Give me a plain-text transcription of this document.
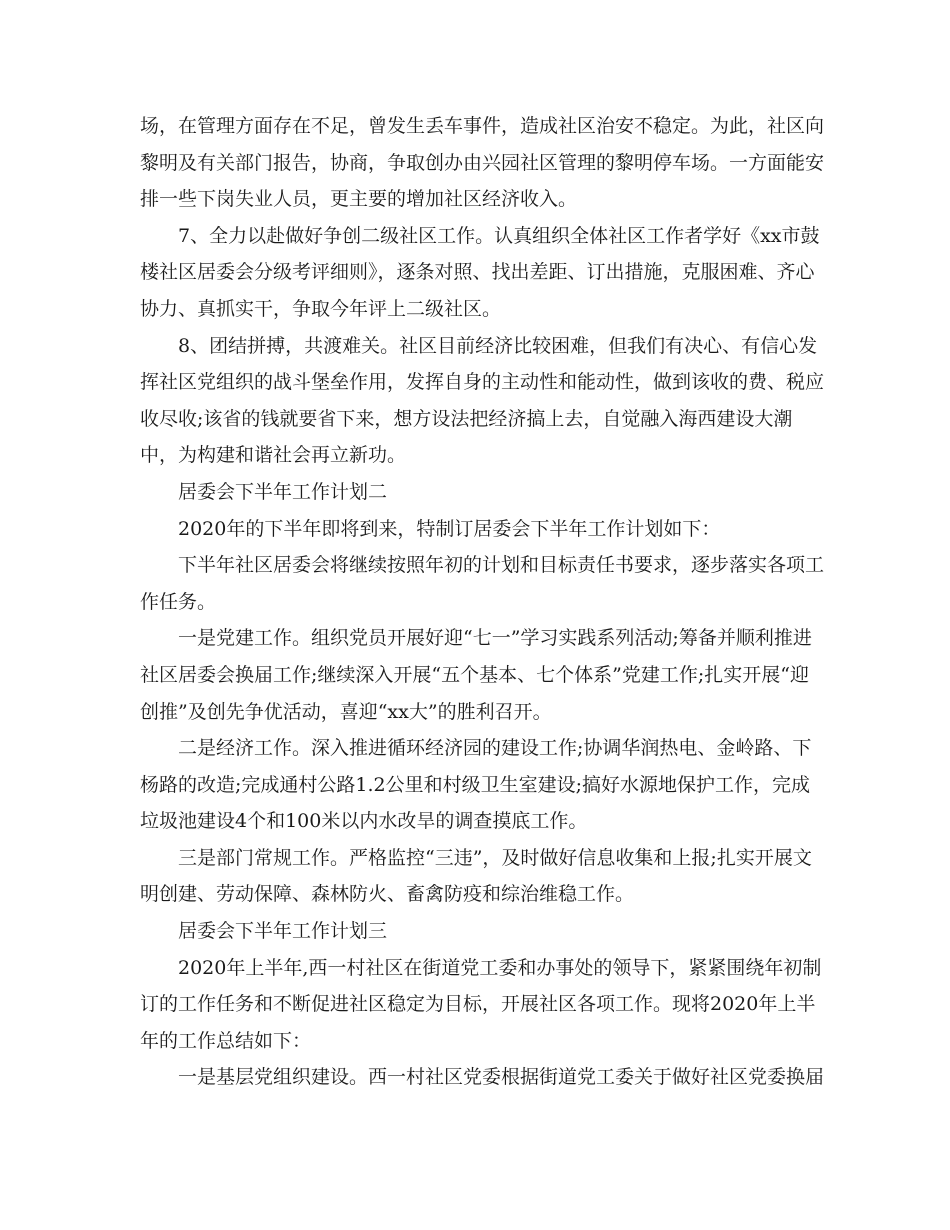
场，在管理方面存在不足，曾发生丢车事件，造成社区治安不稳定。为此，社区向
黎明及有关部门报告，协商，争取创办由兴园社区管理的黎明停车场。一方面能安
排一些下岗失业人员，更主要的增加社区经济收入。
7、全力以赴做好争创二级社区工作。认真组织全体社区工作者学好《xx市鼓
楼社区居委会分级考评细则》，逐条对照、找出差距、订出措施，克服困难、齐心
协力、真抓实干，争取今年评上二级社区。
8、团结拼搏，共渡难关。社区目前经济比较困难，但我们有决心、有信心发
挥社区党组织的战斗堡垒作用，发挥自身的主动性和能动性，做到该收的费、税应
收尽收;该省的钱就要省下来，想方设法把经济搞上去，自觉融入海西建设大潮
中，为构建和谐社会再立新功。
居委会下半年工作计划二
2020年的下半年即将到来，特制订居委会下半年工作计划如下：
下半年社区居委会将继续按照年初的计划和目标责任书要求，逐步落实各项工
作任务。
一是党建工作。组织党员开展好迎“七一”学习实践系列活动;筹备并顺利推进
社区居委会换届工作;继续深入开展“五个基本、七个体系”党建工作;扎实开展“迎
创推”及创先争优活动，喜迎“xx大”的胜利召开。
二是经济工作。深入推进循环经济园的建设工作;协调华润热电、金岭路、下
杨路的改造;完成通村公路1.2公里和村级卫生室建设;搞好水源地保护工作，完成
垃圾池建设4个和100米以内水改旱的调查摸底工作。
三是部门常规工作。严格监控“三违”，及时做好信息收集和上报;扎实开展文
明创建、劳动保障、森林防火、畜禽防疫和综治维稳工作。
居委会下半年工作计划三
2020年上半年,西一村社区在街道党工委和办事处的领导下，紧紧围绕年初制
订的工作任务和不断促进社区稳定为目标，开展社区各项工作。现将2020年上半
年的工作总结如下：
一是基层党组织建设。西一村社区党委根据街道党工委关于做好社区党委换届
